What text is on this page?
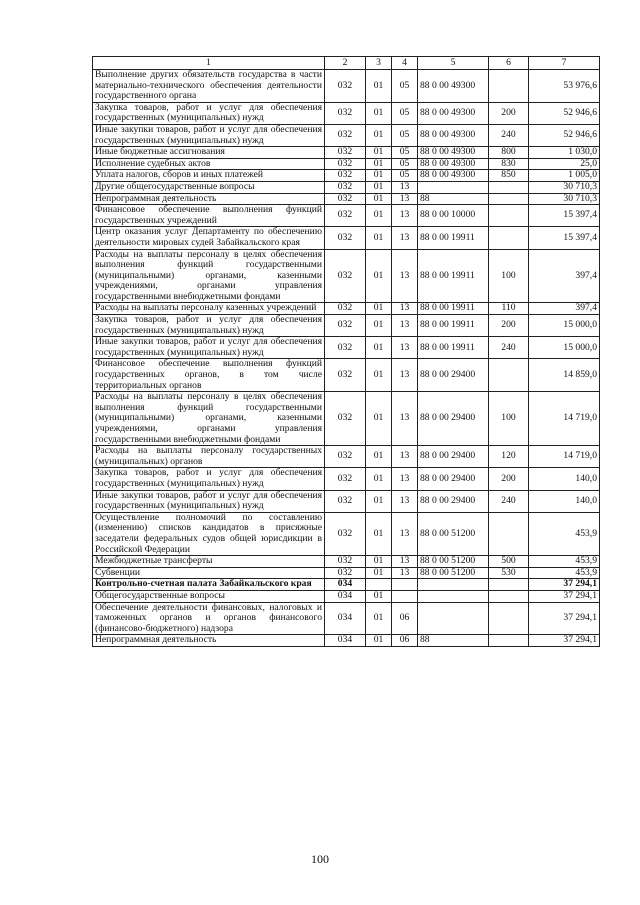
1	2	3	4	5	6	7
Выполнение других обязательств государства в части материально-технического обеспечения деятельности государственного органа	032	01	05	88 0 00 49300		53 976,6
Закупка товаров, работ и услуг для обеспечения государственных (муниципальных) нужд	032	01	05	88 0 00 49300	200	52 946,6
Иные закупки товаров, работ и услуг для обеспечения государственных (муниципальных) нужд	032	01	05	88 0 00 49300	240	52 946,6
Иные бюджетные ассигнования	032	01	05	88 0 00 49300	800	1 030,0
Исполнение судебных актов	032	01	05	88 0 00 49300	830	25,0
Уплата налогов, сборов и иных платежей	032	01	05	88 0 00 49300	850	1 005,0
Другие общегосударственные вопросы	032	01	13			30 710,3
Непрограммная деятельность	032	01	13	88		30 710,3
Финансовое обеспечение выполнения функций государственных учреждений	032	01	13	88 0 00 10000		15 397,4
Центр оказания услуг Департаменту по обеспечению деятельности мировых судей Забайкальского края	032	01	13	88 0 00 19911		15 397,4
Расходы на выплаты персоналу в целях обеспечения выполнения функций государственными (муниципальными) органами, казенными учреждениями, органами управления государственными внебюджетными фондами	032	01	13	88 0 00 19911	100	397,4
Расходы на выплаты персоналу казенных учреждений	032	01	13	88 0 00 19911	110	397,4
Закупка товаров, работ и услуг для обеспечения государственных (муниципальных) нужд	032	01	13	88 0 00 19911	200	15 000,0
Иные закупки товаров, работ и услуг для обеспечения государственных (муниципальных) нужд	032	01	13	88 0 00 19911	240	15 000,0
Финансовое обеспечение выполнения функций государственных органов, в том числе территориальных органов	032	01	13	88 0 00 29400		14 859,0
Расходы на выплаты персоналу в целях обеспечения выполнения функций государственными (муниципальными) органами, казенными учреждениями, органами управления государственными внебюджетными фондами	032	01	13	88 0 00 29400	100	14 719,0
Расходы на выплаты персоналу государственных (муниципальных) органов	032	01	13	88 0 00 29400	120	14 719,0
Закупка товаров, работ и услуг для обеспечения государственных (муниципальных) нужд	032	01	13	88 0 00 29400	200	140,0
Иные закупки товаров, работ и услуг для обеспечения государственных (муниципальных) нужд	032	01	13	88 0 00 29400	240	140,0
Осуществление полномочий по составлению (изменению) списков кандидатов в присяжные заседатели федеральных судов общей юрисдикции в Российской Федерации	032	01	13	88 0 00 51200		453,9
Межбюджетные трансферты	032	01	13	88 0 00 51200	500	453,9
Субвенции	032	01	13	88 0 00 51200	530	453,9
Контрольно-счетная палата Забайкальского края	034					37 294,1
Общегосударственные вопросы	034	01				37 294,1
Обеспечение деятельности финансовых, налоговых и таможенных органов и органов финансового (финансово-бюджетного) надзора	034	01	06			37 294,1
Непрограммная деятельность	034	01	06	88		37 294,1
100
